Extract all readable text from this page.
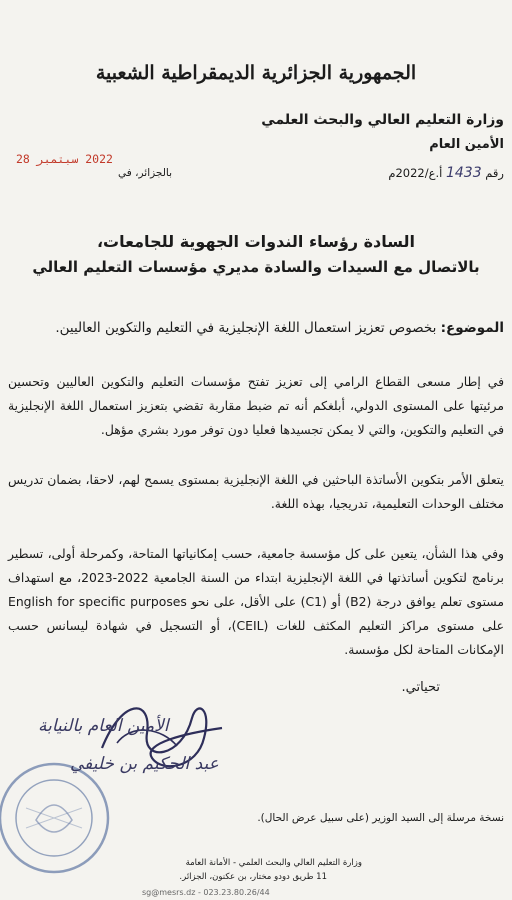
الجمهورية الجزائرية الديمقراطية الشعبية
وزارة التعليم العالي والبحث العلمي
الأمين العام
رقم 1433 أ.ع/2022م
بالجزائر، في
2022 سبتمبر 28
السادة رؤساء الندوات الجهوية للجامعات،
بالاتصال مع السيدات والسادة مديري مؤسسات التعليم العالي
الموضوع: بخصوص تعزيز استعمال اللغة الإنجليزية في التعليم والتكوين العاليين.
في إطار مسعى القطاع الرامي إلى تعزيز تفتح مؤسسات التعليم والتكوين العاليين وتحسين مرئيتها على المستوى الدولي، أبلغكم أنه تم ضبط مقاربة تقضي بتعزيز استعمال اللغة الإنجليزية في التعليم والتكوين، والتي لا يمكن تجسيدها فعليا دون توفر مورد بشري مؤهل.
يتعلق الأمر بتكوين الأساتذة الباحثين في اللغة الإنجليزية بمستوى يسمح لهم، لاحقا، بضمان تدريس مختلف الوحدات التعليمية، تدريجيا، بهذه اللغة.
وفي هذا الشأن، يتعين على كل مؤسسة جامعية، حسب إمكانياتها المتاحة، وكمرحلة أولى، تسطير برنامج لتكوين أساتذتها في اللغة الإنجليزية ابتداء من السنة الجامعية 2022-2023، مع استهداف مستوى تعلم يوافق درجة (B2) أو (C1) على الأقل، على نحو English for specific purposes على مستوى مراكز التعليم المكثف للغات (CEIL)، أو التسجيل في شهادة ليسانس حسب الإمكانات المتاحة لكل مؤسسة.
تحياتي.
الأمين العام بالنيابة
عبد الحكيم بن خليفي
نسخة مرسلة إلى السيد الوزير (على سبيل عرض الحال).
وزارة التعليم العالي والبحث العلمي - الأمانة العامة
11 طريق دودو مختار، بن عكنون، الجزائر.
sg@mesrs.dz - 023.23.80.26/44
